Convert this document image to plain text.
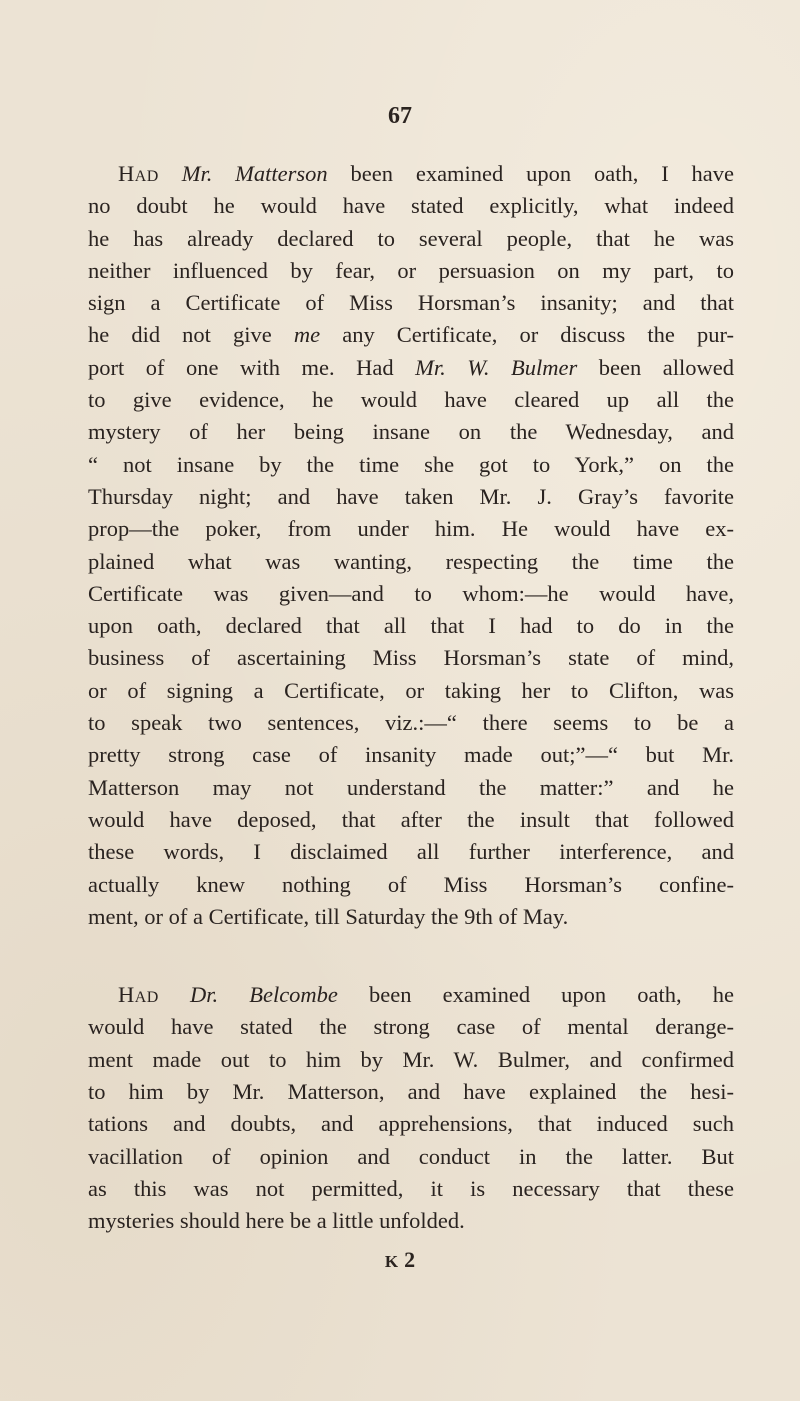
67
Had Mr. Matterson been examined upon oath, I have
no doubt he would have stated explicitly, what indeed
he has already declared to several people, that he was
neither influenced by fear, or persuasion on my part, to
sign a Certificate of Miss Horsman’s insanity; and that
he did not give me any Certificate, or discuss the pur-
port of one with me. Had Mr. W. Bulmer been allowed
to give evidence, he would have cleared up all the
mystery of her being insane on the Wednesday, and
“ not insane by the time she got to York,” on the
Thursday night; and have taken Mr. J. Gray’s favorite
prop—the poker, from under him. He would have ex-
plained what was wanting, respecting the time the
Certificate was given—and to whom:—he would have,
upon oath, declared that all that I had to do in the
business of ascertaining Miss Horsman’s state of mind,
or of signing a Certificate, or taking her to Clifton, was
to speak two sentences, viz.:—“ there seems to be a
pretty strong case of insanity made out;”—“ but Mr.
Matterson may not understand the matter:” and he
would have deposed, that after the insult that followed
these words, I disclaimed all further interference, and
actually knew nothing of Miss Horsman’s confine-
ment, or of a Certificate, till Saturday the 9th of May.
Had Dr. Belcombe been examined upon oath, he
would have stated the strong case of mental derange-
ment made out to him by Mr. W. Bulmer, and confirmed
to him by Mr. Matterson, and have explained the hesi-
tations and doubts, and apprehensions, that induced such
vacillation of opinion and conduct in the latter. But
as this was not permitted, it is necessary that these
mysteries should here be a little unfolded.
K 2
